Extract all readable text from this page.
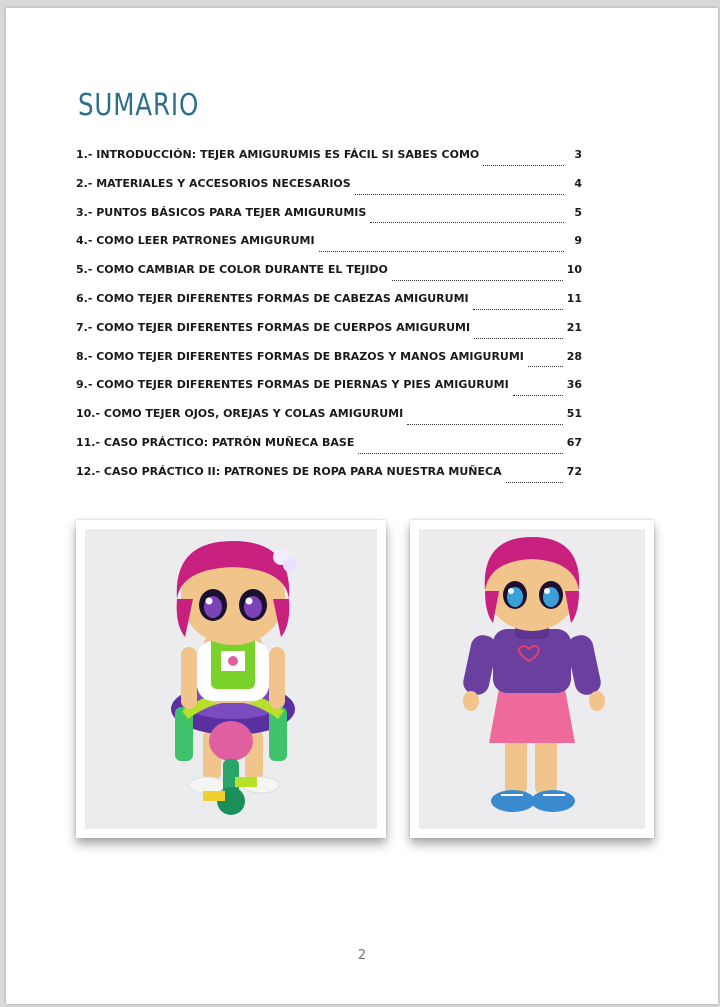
SUMARIO
1.- INTRODUCCIÓN: TEJER AMIGURUMIS ES FÁCIL SI SABES COMO	3
2.- MATERIALES Y ACCESORIOS NECESARIOS	4
3.- PUNTOS BÁSICOS PARA TEJER AMIGURUMIS	5
4.- COMO LEER PATRONES AMIGURUMI	9
5.- COMO CAMBIAR DE COLOR DURANTE EL TEJIDO	10
6.- COMO TEJER DIFERENTES FORMAS DE CABEZAS AMIGURUMI	11
7.- COMO TEJER DIFERENTES FORMAS DE CUERPOS AMIGURUMI	21
8.- COMO TEJER DIFERENTES FORMAS DE BRAZOS Y MANOS AMIGURUMI	28
9.- COMO TEJER DIFERENTES FORMAS DE PIERNAS Y PIES AMIGURUMI	36
10.- COMO TEJER OJOS, OREJAS Y COLAS AMIGURUMI	51
11.- CASO PRÁCTICO: PATRÓN MUÑECA BASE	67
12.- CASO PRÁCTICO II: PATRONES DE ROPA PARA NUESTRA MUÑECA	72
2
